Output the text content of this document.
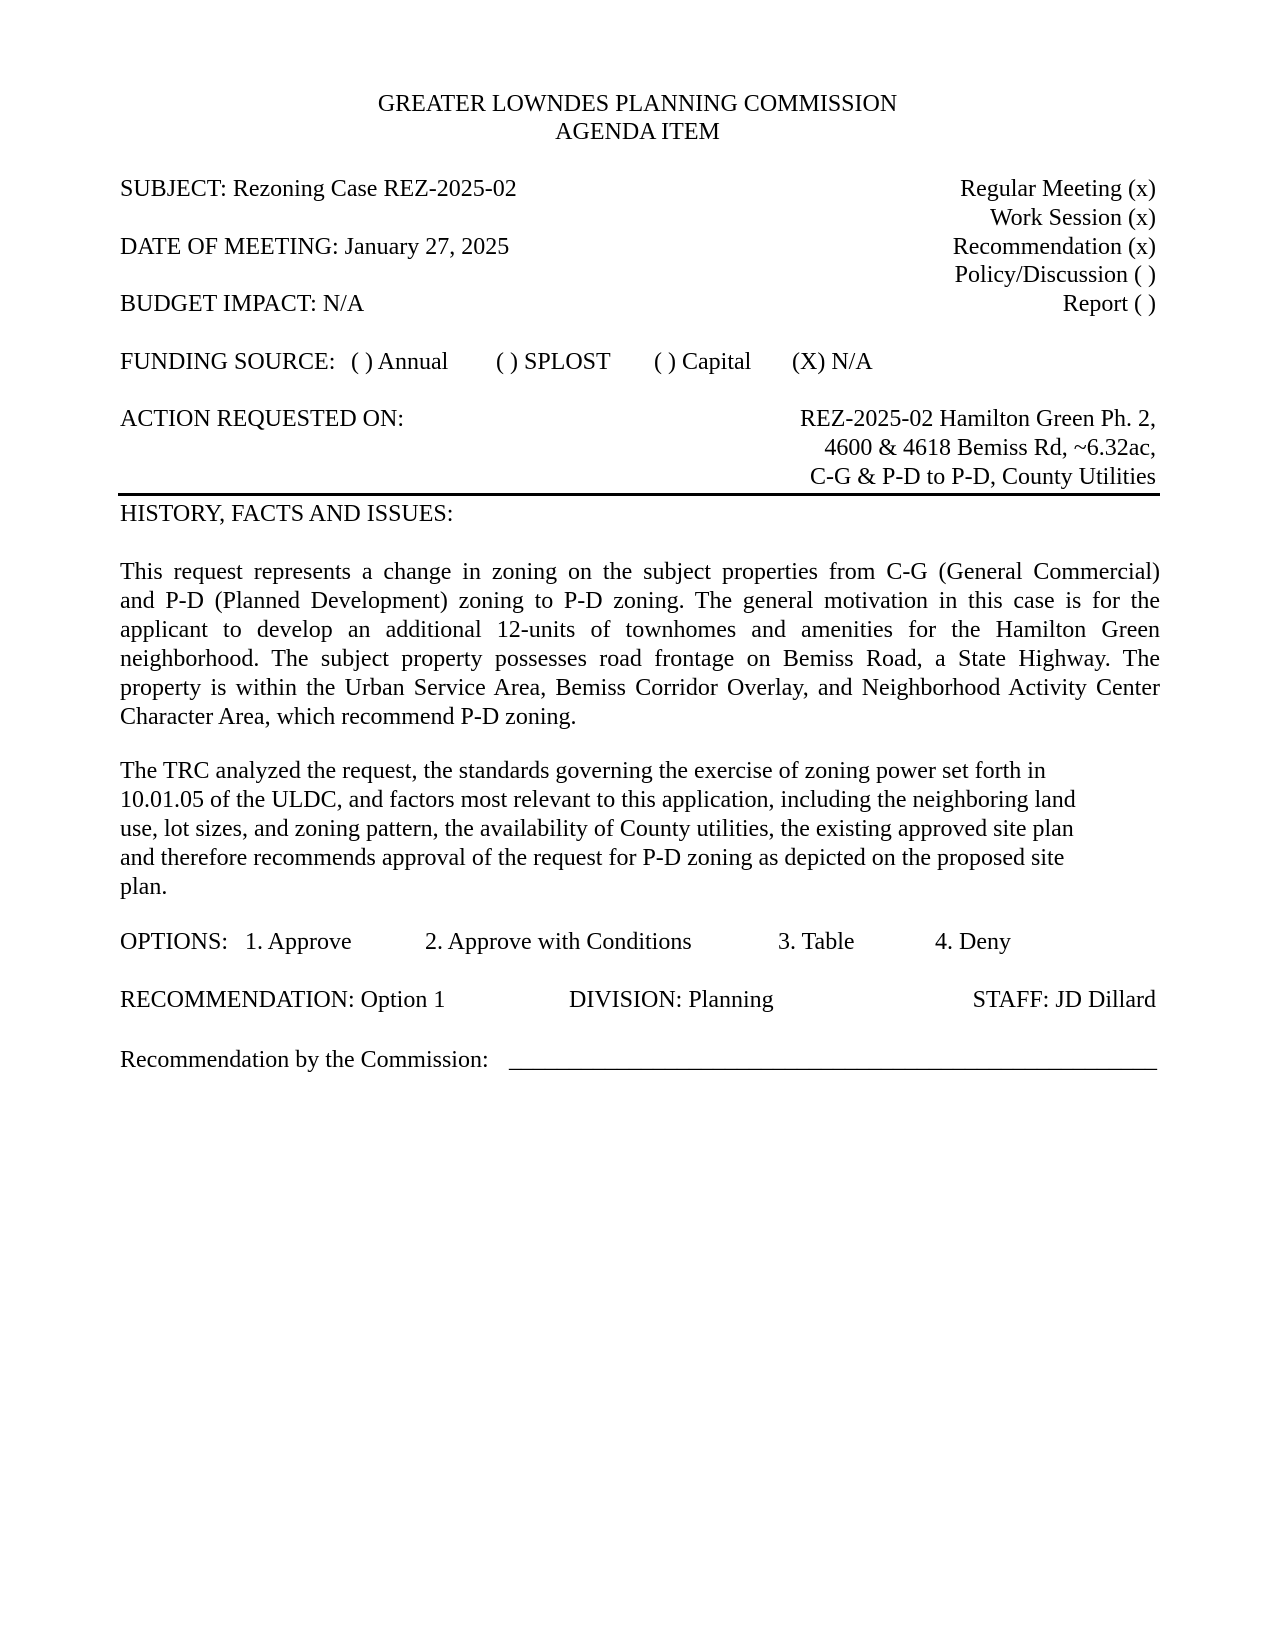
GREATER LOWNDES PLANNING COMMISSION
AGENDA ITEM
SUBJECT: Rezoning Case REZ-2025-02
DATE OF MEETING: January 27, 2025
BUDGET IMPACT: N/A
Regular Meeting (x)
Work Session (x)
Recommendation (x)
Policy/Discussion ( )
Report ( )
FUNDING SOURCE: ( ) Annual ( ) SPLOST ( ) Capital (X) N/A
ACTION REQUESTED ON:	REZ-2025-02 Hamilton Green Ph. 2,
4600 & 4618 Bemiss Rd, ~6.32ac,
C-G & P-D to P-D, County Utilities
HISTORY, FACTS AND ISSUES:
This request represents a change in zoning on the subject properties from C-G (General Commercial)
and P-D (Planned Development) zoning to P-D zoning. The general motivation in this case is for the
applicant to develop an additional 12-units of townhomes and amenities for the Hamilton Green
neighborhood. The subject property possesses road frontage on Bemiss Road, a State Highway. The
property is within the Urban Service Area, Bemiss Corridor Overlay, and Neighborhood Activity Center
Character Area, which recommend P-D zoning.
The TRC analyzed the request, the standards governing the exercise of zoning power set forth in
10.01.05 of the ULDC, and factors most relevant to this application, including the neighboring land
use, lot sizes, and zoning pattern, the availability of County utilities, the existing approved site plan
and therefore recommends approval of the request for P-D zoning as depicted on the proposed site
plan.
OPTIONS: 1. Approve	2. Approve with Conditions	3. Table	4. Deny
RECOMMENDATION: Option 1	DIVISION: Planning	STAFF: JD Dillard
Recommendation by the Commission: ______________________________________________________
